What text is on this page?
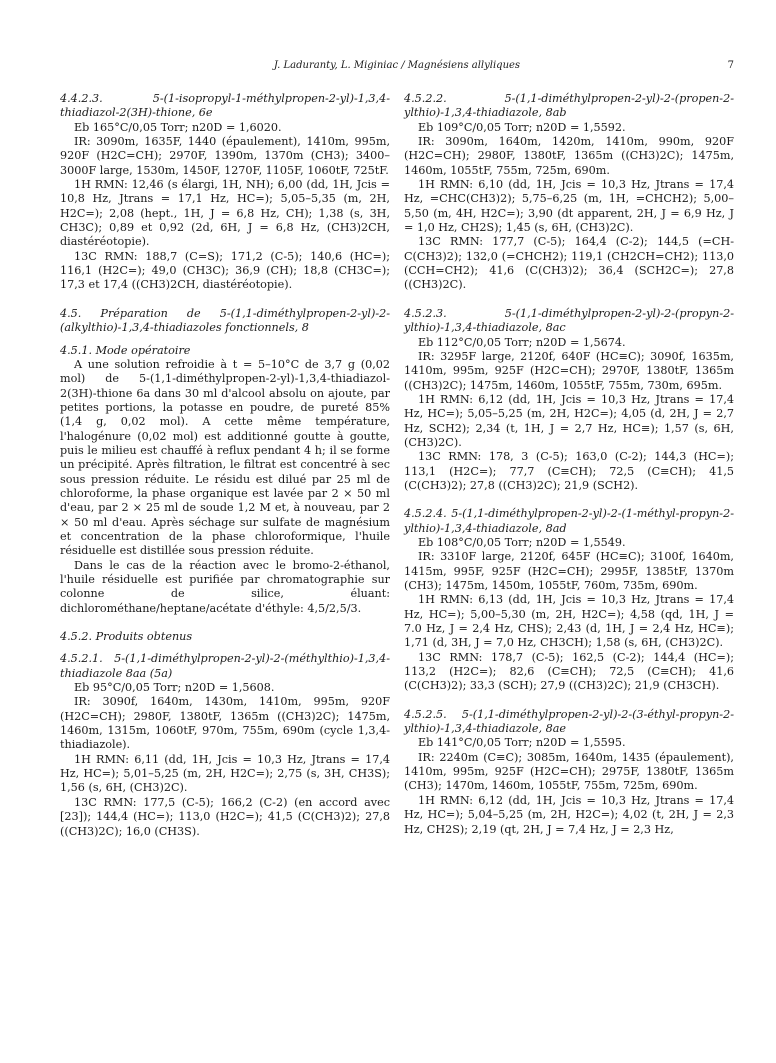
J. Laduranty, L. Miginiac / Magnésiens allyliques	7

4.4.2.3. 5-(1-isopropyl-1-méthylpropen-2-yl)-1,3,4-thiadiazol-2(3H)-thione, 6e

Eb 165°C/0,05 Torr; n20D = 1,6020.

IR: 3090m, 1635F, 1440 (épaulement), 1410m, 995m, 920F (H2C=CH); 2970F, 1390m, 1370m (CH3); 3400–3000F large, 1530m, 1450F, 1270F, 1105F, 1060tF, 725tF.

1H RMN: 12,46 (s élargi, 1H, NH); 6,00 (dd, 1H, Jcis = 10,8 Hz, Jtrans = 17,1 Hz, HC=); 5,05–5,35 (m, 2H, H2C=); 2,08 (hept., 1H, J = 6,8 Hz, CH); 1,38 (s, 3H, CH3C); 0,89 et 0,92 (2d, 6H, J = 6,8 Hz, (CH3)2CH, diastéréotopie).

13C RMN: 188,7 (C=S); 171,2 (C-5); 140,6 (HC=); 116,1 (H2C=); 49,0 (CH3C); 36,9 (CH); 18,8 (CH3C=); 17,3 et 17,4 ((CH3)2CH, diastéréotopie).

4.5. Préparation de 5-(1,1-diméthylpropen-2-yl)-2-(alkylthio)-1,3,4-thiadiazoles fonctionnels, 8

4.5.1. Mode opératoire

A une solution refroidie à t = 5–10°C de 3,7 g (0,02 mol) de 5-(1,1-diméthylpropen-2-yl)-1,3,4-thiadiazol-2(3H)-thione 6a dans 30 ml d'alcool absolu on ajoute, par petites portions, la potasse en poudre, de pureté 85% (1,4 g, 0,02 mol). A cette même température, l'halogénure (0,02 mol) est additionné goutte à goutte, puis le milieu est chauffé à reflux pendant 4 h; il se forme un précipité. Après filtration, le filtrat est concentré à sec sous pression réduite. Le résidu est dilué par 25 ml de chloroforme, la phase organique est lavée par 2 × 50 ml d'eau, par 2 × 25 ml de soude 1,2 M et, à nouveau, par 2 × 50 ml d'eau. Après séchage sur sulfate de magnésium et concentration de la phase chloroformique, l'huile résiduelle est distillée sous pression réduite.

Dans le cas de la réaction avec le bromo-2-éthanol, l'huile résiduelle est purifiée par chromatographie sur colonne de silice, éluant: dichlorométhane/heptane/acétate d'éthyle: 4,5/2,5/3.

4.5.2. Produits obtenus

4.5.2.1. 5-(1,1-diméthylpropen-2-yl)-2-(méthylthio)-1,3,4-thiadiazole 8aa (5a)

Eb 95°C/0,05 Torr; n20D = 1,5608.

IR: 3090f, 1640m, 1430m, 1410m, 995m, 920F (H2C=CH); 2980F, 1380tF, 1365m ((CH3)2C); 1475m, 1460m, 1315m, 1060tF, 970m, 755m, 690m (cycle 1,3,4-thiadiazole).

1H RMN: 6,11 (dd, 1H, Jcis = 10,3 Hz, Jtrans = 17,4 Hz, HC=); 5,01–5,25 (m, 2H, H2C=); 2,75 (s, 3H, CH3S); 1,56 (s, 6H, (CH3)2C).

13C RMN: 177,5 (C-5); 166,2 (C-2) (en accord avec [23]); 144,4 (HC=); 113,0 (H2C=); 41,5 (C(CH3)2); 27,8 ((CH3)2C); 16,0 (CH3S).

4.5.2.2. 5-(1,1-diméthylpropen-2-yl)-2-(propen-2-ylthio)-1,3,4-thiadiazole, 8ab

Eb 109°C/0,05 Torr; n20D = 1,5592.

IR: 3090m, 1640m, 1420m, 1410m, 990m, 920F (H2C=CH); 2980F, 1380tF, 1365m ((CH3)2C); 1475m, 1460m, 1055tF, 755m, 725m, 690m.

1H RMN: 6,10 (dd, 1H, Jcis = 10,3 Hz, Jtrans = 17,4 Hz, =CHC(CH3)2); 5,75–6,25 (m, 1H, =CHCH2); 5,00–5,50 (m, 4H, H2C=); 3,90 (dt apparent, 2H, J = 6,9 Hz, J = 1,0 Hz, CH2S); 1,45 (s, 6H, (CH3)2C).

13C RMN: 177,7 (C-5); 164,4 (C-2); 144,5 (=CH-C(CH3)2); 132,0 (=CHCH2); 119,1 (CH2CH=CH2); 113,0 (CCH=CH2); 41,6 (C(CH3)2); 36,4 (SCH2C=); 27,8 ((CH3)2C).

4.5.2.3. 5-(1,1-diméthylpropen-2-yl)-2-(propyn-2-ylthio)-1,3,4-thiadiazole, 8ac

Eb 112°C/0,05 Torr; n20D = 1,5674.

IR: 3295F large, 2120f, 640F (HC≡C); 3090f, 1635m, 1410m, 995m, 925F (H2C=CH); 2970F, 1380tF, 1365m ((CH3)2C); 1475m, 1460m, 1055tF, 755m, 730m, 695m.

1H RMN: 6,12 (dd, 1H, Jcis = 10,3 Hz, Jtrans = 17,4 Hz, HC=); 5,05–5,25 (m, 2H, H2C=); 4,05 (d, 2H, J = 2,7 Hz, SCH2); 2,34 (t, 1H, J = 2,7 Hz, HC≡); 1,57 (s, 6H, (CH3)2C).

13C RMN: 178, 3 (C-5); 163,0 (C-2); 144,3 (HC=); 113,1 (H2C=); 77,7 (C≡CH); 72,5 (C≡CH); 41,5 (C(CH3)2); 27,8 ((CH3)2C); 21,9 (SCH2).

4.5.2.4. 5-(1,1-diméthylpropen-2-yl)-2-(1-méthyl-propyn-2-ylthio)-1,3,4-thiadiazole, 8ad

Eb 108°C/0,05 Torr; n20D = 1,5549.

IR: 3310F large, 2120f, 645F (HC≡C); 3100f, 1640m, 1415m, 995F, 925F (H2C=CH); 2995F, 1385tF, 1370m (CH3); 1475m, 1450m, 1055tF, 760m, 735m, 690m.

1H RMN: 6,13 (dd, 1H, Jcis = 10,3 Hz, Jtrans = 17,4 Hz, HC=); 5,00–5,30 (m, 2H, H2C=); 4,58 (qd, 1H, J = 7.0 Hz, J = 2,4 Hz, CHS); 2,43 (d, 1H, J = 2,4 Hz, HC≡); 1,71 (d, 3H, J = 7,0 Hz, CH3CH); 1,58 (s, 6H, (CH3)2C).

13C RMN: 178,7 (C-5); 162,5 (C-2); 144,4 (HC=); 113,2 (H2C=); 82,6 (C≡CH); 72,5 (C≡CH); 41,6 (C(CH3)2); 33,3 (SCH); 27,9 ((CH3)2C); 21,9 (CH3CH).

4.5.2.5. 5-(1,1-diméthylpropen-2-yl)-2-(3-éthyl-propyn-2-ylthio)-1,3,4-thiadiazole, 8ae

Eb 141°C/0,05 Torr; n20D = 1,5595.

IR: 2240m (C≡C); 3085m, 1640m, 1435 (épaulement), 1410m, 995m, 925F (H2C=CH); 2975F, 1380tF, 1365m (CH3); 1470m, 1460m, 1055tF, 755m, 725m, 690m.

1H RMN: 6,12 (dd, 1H, Jcis = 10,3 Hz, Jtrans = 17,4 Hz, HC=); 5,04–5,25 (m, 2H, H2C=); 4,02 (t, 2H, J = 2,3 Hz, CH2S); 2,19 (qt, 2H, J = 7,4 Hz, J = 2,3 Hz,
